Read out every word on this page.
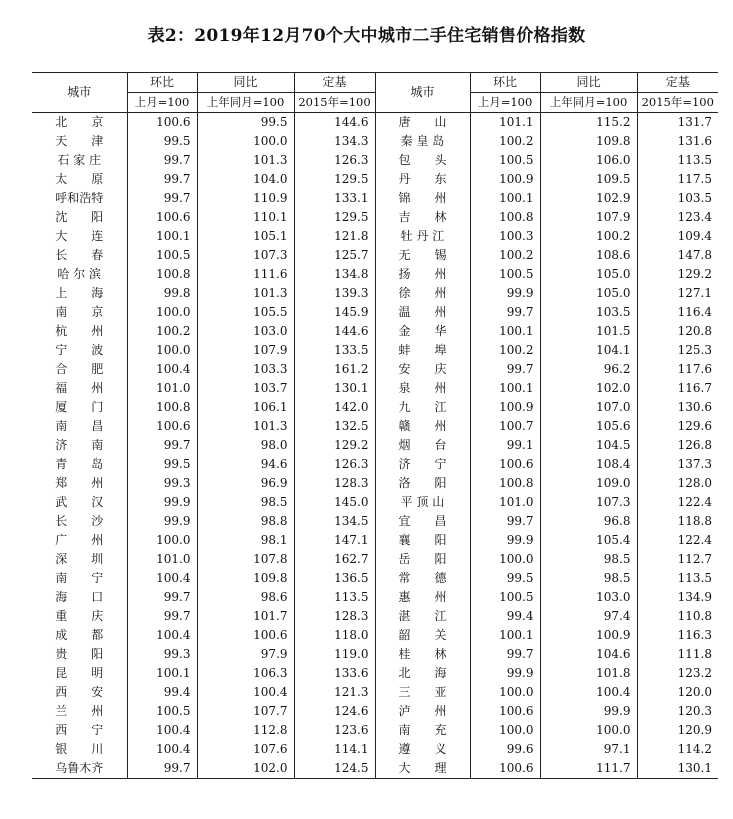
表2：2019年12月70个大中城市二手住宅销售价格指数
城市	环比	同比	定基	城市	环比	同比	定基
	上月=100	上年同月=100	2015年=100		上月=100	上年同月=100	2015年=100
北　　京	100.6	99.5	144.6	唐　　山	101.1	115.2	131.7
天　　津	99.5	100.0	134.3	秦 皇 岛	100.2	109.8	131.6
石 家 庄	99.7	101.3	126.3	包　　头	100.5	106.0	113.5
太　　原	99.7	104.0	129.5	丹　　东	100.9	109.5	117.5
呼和浩特	99.7	110.9	133.1	锦　　州	100.1	102.9	103.5
沈　　阳	100.6	110.1	129.5	吉　　林	100.8	107.9	123.4
大　　连	100.1	105.1	121.8	牡 丹 江	100.3	100.2	109.4
长　　春	100.5	107.3	125.7	无　　锡	100.2	108.6	147.8
哈 尔 滨	100.8	111.6	134.8	扬　　州	100.5	105.0	129.2
上　　海	99.8	101.3	139.3	徐　　州	99.9	105.0	127.1
南　　京	100.0	105.5	145.9	温　　州	99.7	103.5	116.4
杭　　州	100.2	103.0	144.6	金　　华	100.1	101.5	120.8
宁　　波	100.0	107.9	133.5	蚌　　埠	100.2	104.1	125.3
合　　肥	100.4	103.3	161.2	安　　庆	99.7	96.2	117.6
福　　州	101.0	103.7	130.1	泉　　州	100.1	102.0	116.7
厦　　门	100.8	106.1	142.0	九　　江	100.9	107.0	130.6
南　　昌	100.6	101.3	132.5	赣　　州	100.7	105.6	129.6
济　　南	99.7	98.0	129.2	烟　　台	99.1	104.5	126.8
青　　岛	99.5	94.6	126.3	济　　宁	100.6	108.4	137.3
郑　　州	99.3	96.9	128.3	洛　　阳	100.8	109.0	128.0
武　　汉	99.9	98.5	145.0	平 顶 山	101.0	107.3	122.4
长　　沙	99.9	98.8	134.5	宜　　昌	99.7	96.8	118.8
广　　州	100.0	98.1	147.1	襄　　阳	99.9	105.4	122.4
深　　圳	101.0	107.8	162.7	岳　　阳	100.0	98.5	112.7
南　　宁	100.4	109.8	136.5	常　　德	99.5	98.5	113.5
海　　口	99.7	98.6	113.5	惠　　州	100.5	103.0	134.9
重　　庆	99.7	101.7	128.3	湛　　江	99.4	97.4	110.8
成　　都	100.4	100.6	118.0	韶　　关	100.1	100.9	116.3
贵　　阳	99.3	97.9	119.0	桂　　林	99.7	104.6	111.8
昆　　明	100.1	106.3	133.6	北　　海	99.9	101.8	123.2
西　　安	99.4	100.4	121.3	三　　亚	100.0	100.4	120.0
兰　　州	100.5	107.7	124.6	泸　　州	100.6	99.9	120.3
西　　宁	100.4	112.8	123.6	南　　充	100.0	100.0	120.9
银　　川	100.4	107.6	114.1	遵　　义	99.6	97.1	114.2
乌鲁木齐	99.7	102.0	124.5	大　　理	100.6	111.7	130.1
